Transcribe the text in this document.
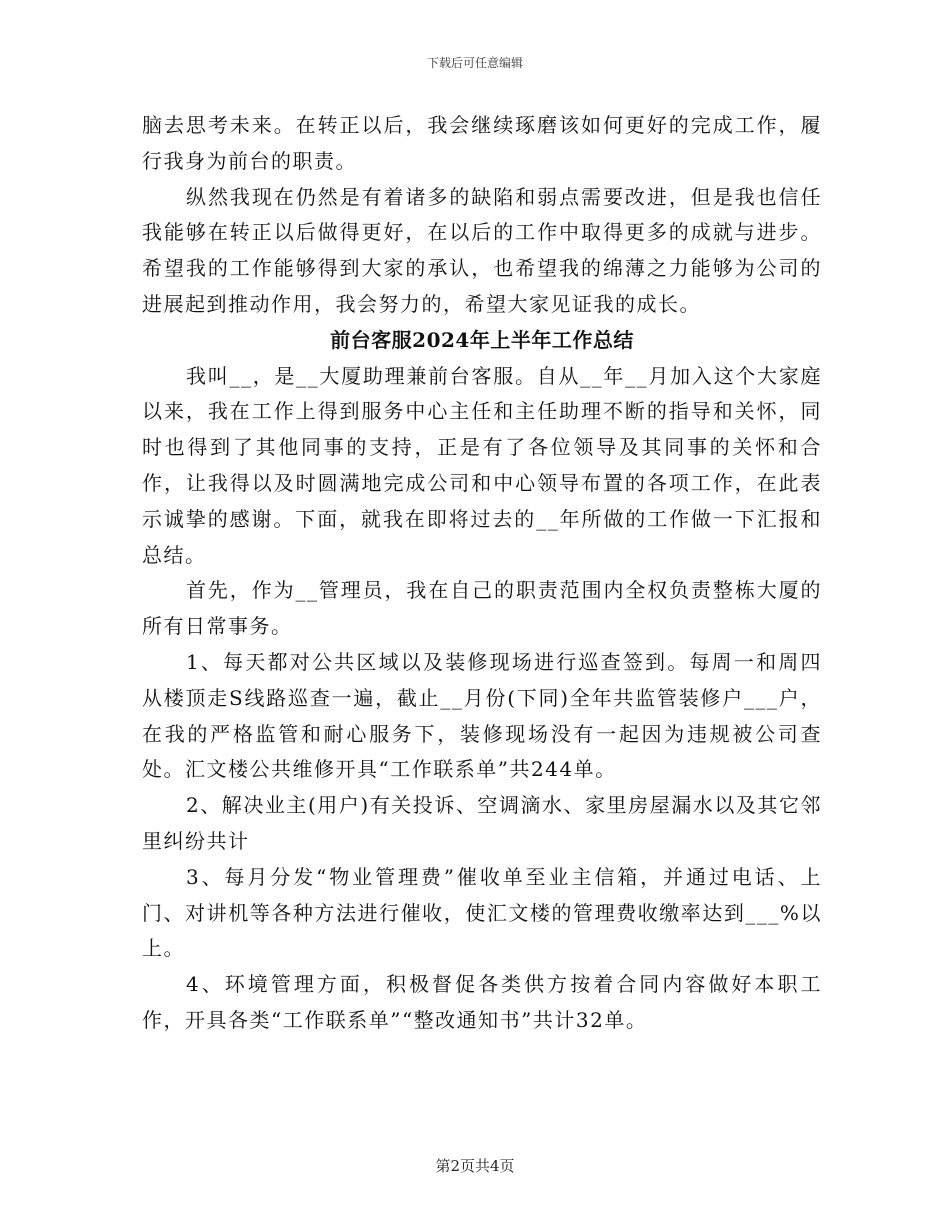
下载后可任意编辑

脑去思考未来。在转正以后，我会继续琢磨该如何更好的完成工作，履行我身为前台的职责。

纵然我现在仍然是有着诸多的缺陷和弱点需要改进，但是我也信任我能够在转正以后做得更好，在以后的工作中取得更多的成就与进步。希望我的工作能够得到大家的承认，也希望我的绵薄之力能够为公司的进展起到推动作用，我会努力的，希望大家见证我的成长。

前台客服2024年上半年工作总结

我叫__，是__大厦助理兼前台客服。自从__年__月加入这个大家庭以来，我在工作上得到服务中心主任和主任助理不断的指导和关怀，同时也得到了其他同事的支持，正是有了各位领导及其同事的关怀和合作，让我得以及时圆满地完成公司和中心领导布置的各项工作，在此表示诚挚的感谢。下面，就我在即将过去的__年所做的工作做一下汇报和总结。

首先，作为__管理员，我在自己的职责范围内全权负责整栋大厦的所有日常事务。

1、每天都对公共区域以及装修现场进行巡查签到。每周一和周四从楼顶走S线路巡查一遍，截止__月份(下同)全年共监管装修户___户，在我的严格监管和耐心服务下，装修现场没有一起因为违规被公司查处。汇文楼公共维修开具“工作联系单”共244单。

2、解决业主(用户)有关投诉、空调滴水、家里房屋漏水以及其它邻里纠纷共计

3、每月分发“物业管理费”催收单至业主信箱，并通过电话、上门、对讲机等各种方法进行催收，使汇文楼的管理费收缴率达到___%以上。

4、环境管理方面，积极督促各类供方按着合同内容做好本职工作，开具各类“工作联系单”“整改通知书”共计32单。

第2页共4页
